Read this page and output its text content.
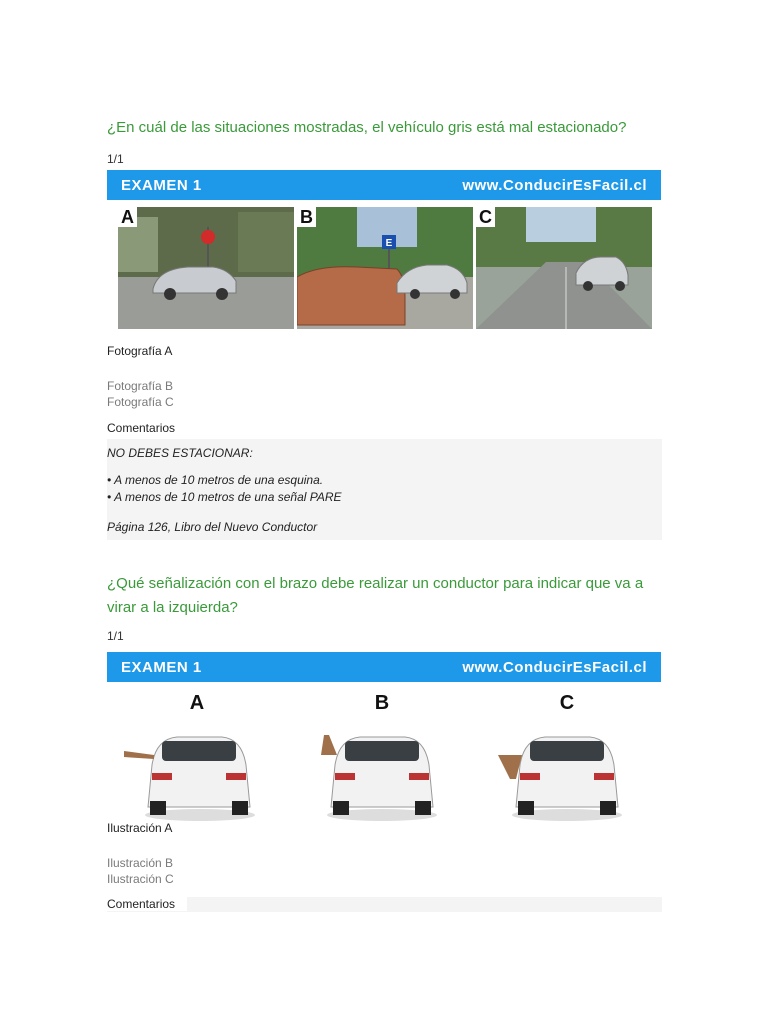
¿En cuál de las situaciones mostradas, el vehículo gris está mal estacionado?

1/1
EXAMEN 1	www.ConducirEsFacil.cl
A
E
B	C
Fotografía A
Fotografía B
Fotografía C
Comentarios
NO DEBES ESTACIONAR:
• A menos de 10 metros de una esquina.
• A menos de 10 metros de una señal PARE
Página 126, Libro del Nuevo Conductor

¿Qué señalización con el brazo debe realizar un conductor para indicar que va a virar a la izquierda?

1/1
EXAMEN 1	www.ConducirEsFacil.cl
A	B	C
Ilustración A
Ilustración B
Ilustración C
Comentarios
